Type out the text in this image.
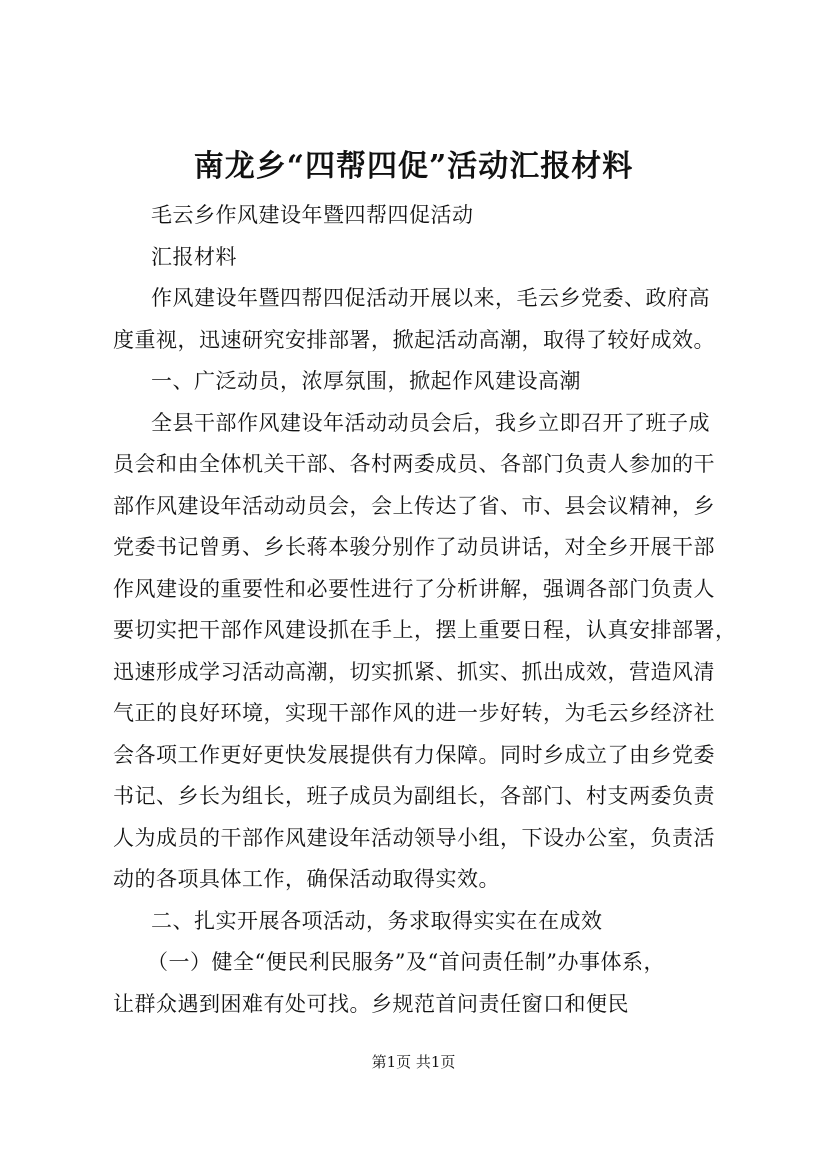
南龙乡“四帮四促”活动汇报材料
毛云乡作风建设年暨四帮四促活动
汇报材料
作风建设年暨四帮四促活动开展以来，毛云乡党委、政府高
度重视，迅速研究安排部署，掀起活动高潮，取得了较好成效。
一、广泛动员，浓厚氛围，掀起作风建设高潮
全县干部作风建设年活动动员会后，我乡立即召开了班子成
员会和由全体机关干部、各村两委成员、各部门负责人参加的干
部作风建设年活动动员会，会上传达了省、市、县会议精神，乡
党委书记曾勇、乡长蒋本骏分别作了动员讲话，对全乡开展干部
作风建设的重要性和必要性进行了分析讲解，强调各部门负责人
要切实把干部作风建设抓在手上，摆上重要日程，认真安排部署，
迅速形成学习活动高潮，切实抓紧、抓实、抓出成效，营造风清
气正的良好环境，实现干部作风的进一步好转，为毛云乡经济社
会各项工作更好更快发展提供有力保障。同时乡成立了由乡党委
书记、乡长为组长，班子成员为副组长，各部门、村支两委负责
人为成员的干部作风建设年活动领导小组，下设办公室，负责活
动的各项具体工作，确保活动取得实效。
二、扎实开展各项活动，务求取得实实在在成效
（一）健全“便民利民服务”及“首问责任制”办事体系，
让群众遇到困难有处可找。乡规范首问责任窗口和便民
第1页 共1页
